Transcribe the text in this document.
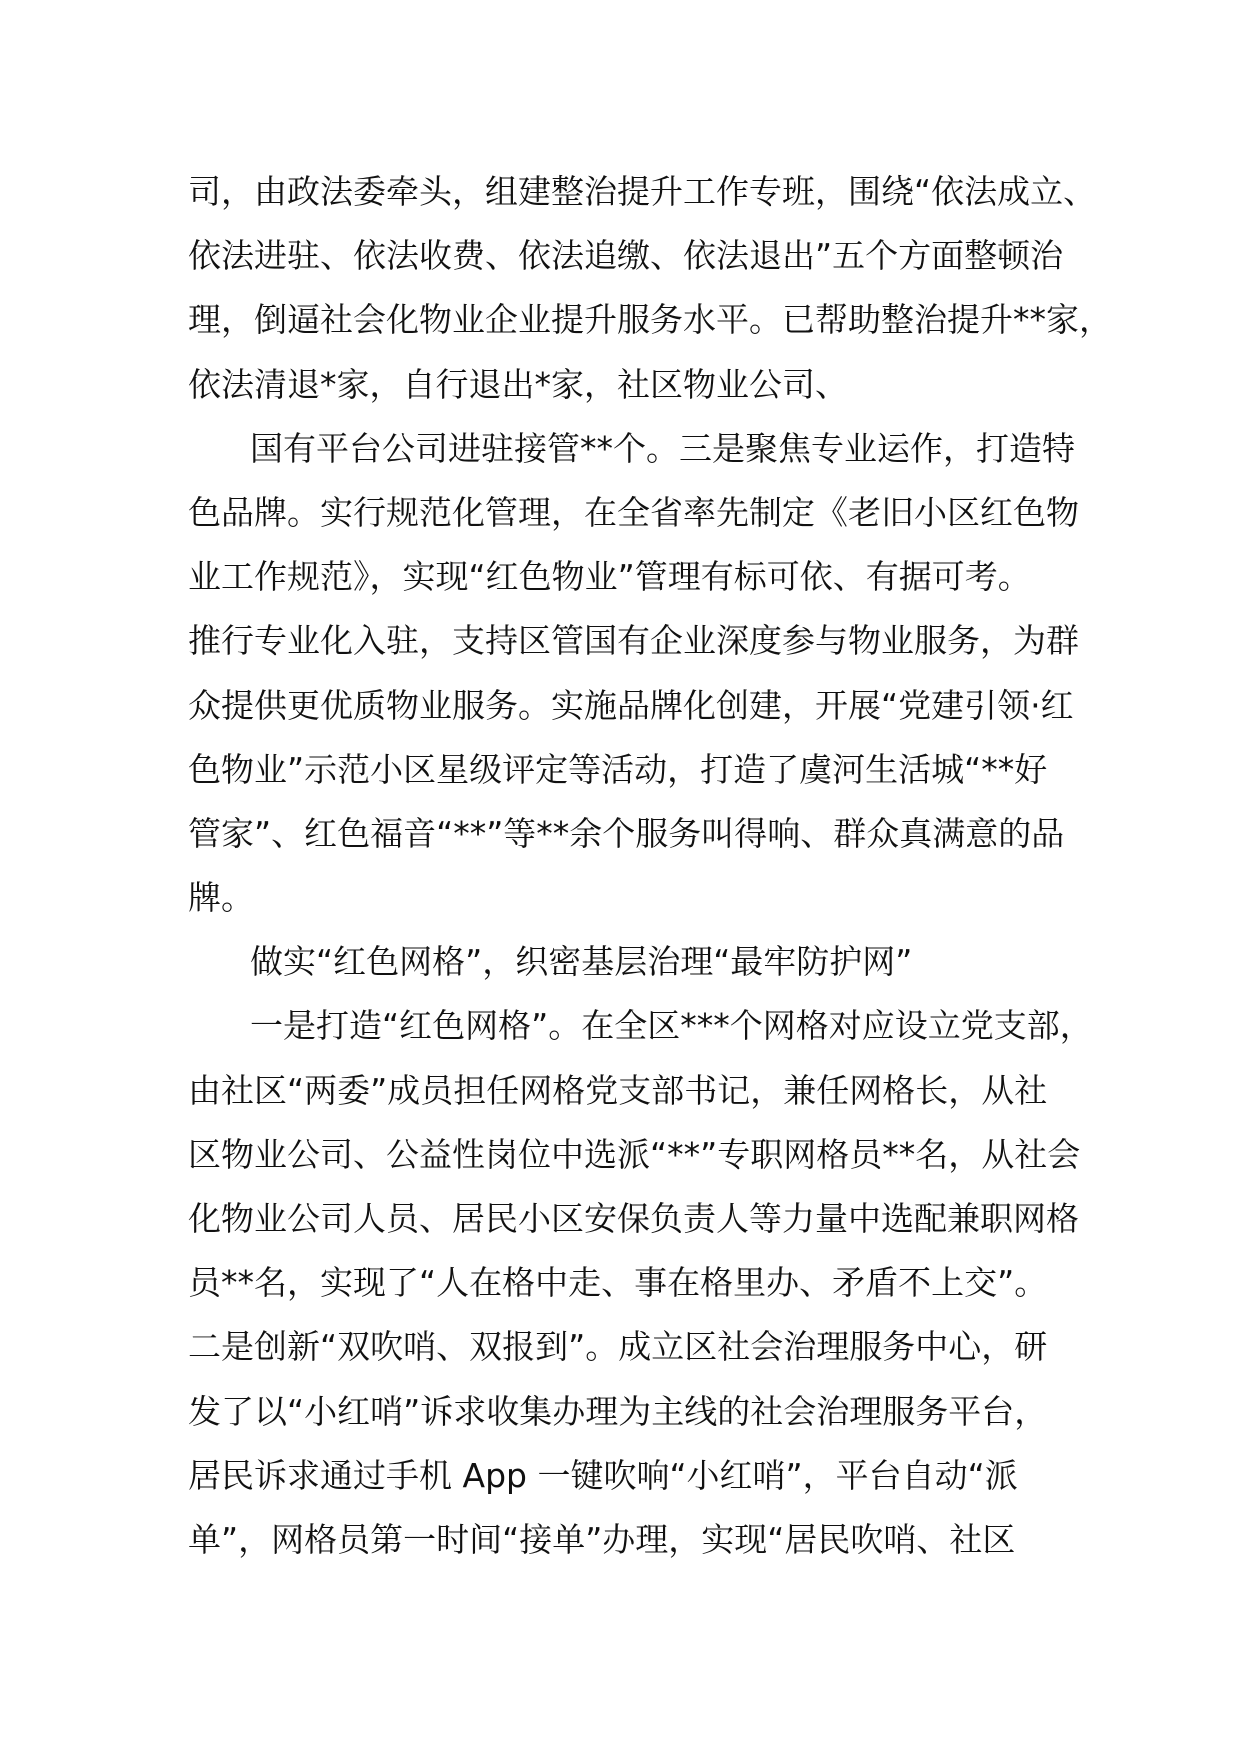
司，由政法委牵头，组建整治提升工作专班，围绕“依法成立、
依法进驻、依法收费、依法追缴、依法退出”五个方面整顿治
理，倒逼社会化物业企业提升服务水平。已帮助整治提升**家，
依法清退*家，自行退出*家，社区物业公司、
国有平台公司进驻接管**个。三是聚焦专业运作，打造特
色品牌。实行规范化管理，在全省率先制定《老旧小区红色物
业工作规范》，实现“红色物业”管理有标可依、有据可考。
推行专业化入驻，支持区管国有企业深度参与物业服务，为群
众提供更优质物业服务。实施品牌化创建，开展“党建引领·红
色物业”示范小区星级评定等活动，打造了虞河生活城“**好
管家”、红色福音“**”等**余个服务叫得响、群众真满意的品
牌。
做实“红色网格”，织密基层治理“最牢防护网”
一是打造“红色网格”。在全区***个网格对应设立党支部，
由社区“两委”成员担任网格党支部书记，兼任网格长，从社
区物业公司、公益性岗位中选派“**”专职网格员**名，从社会
化物业公司人员、居民小区安保负责人等力量中选配兼职网格
员**名，实现了“人在格中走、事在格里办、矛盾不上交”。
二是创新“双吹哨、双报到”。成立区社会治理服务中心，研
发了以“小红哨”诉求收集办理为主线的社会治理服务平台，
居民诉求通过手机 App 一键吹响“小红哨”，平台自动“派
单”，网格员第一时间“接单”办理，实现“居民吹哨、社区
